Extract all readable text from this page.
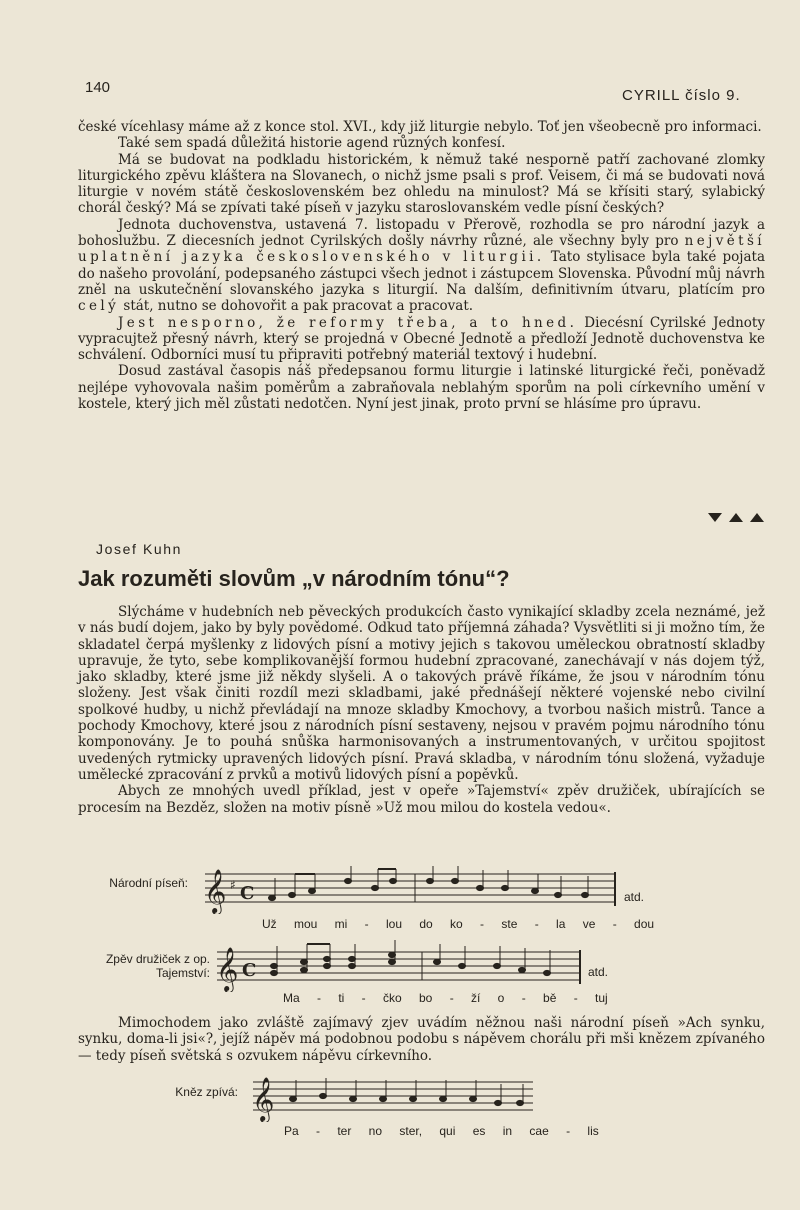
140	CYRILL číslo 9.

české vícehlasy máme až z konce stol. XVI., kdy již liturgie nebylo. Toť jen všeobecně pro informaci.

Také sem spadá důležitá historie agend různých konfesí.

Má se budovat na podkladu historickém, k němuž také nesporně patří zachované zlomky liturgického zpěvu kláštera na Slovanech, o nichž jsme psali s prof. Veisem, či má se budovati nová liturgie v novém státě československém bez ohledu na minulost? Má se křísiti starý, sylabický chorál český? Má se zpívati také píseň v jazyku staroslovanském vedle písní českých?

Jednota duchovenstva, ustavená 7. listopadu v Přerově, rozhodla se pro národní jazyk a bohoslužbu. Z diecesních jednot Cyrilských došly návrhy různé, ale všechny byly pro největší uplatnění jazyka československého v liturgii. Tato stylisace byla také pojata do našeho provolání, podepsaného zástupci všech jednot i zástupcem Slovenska. Původní můj návrh zněl na uskutečnění slovanského jazyka s liturgií. Na dalším, definitivním útvaru, platícím pro celý stát, nutno se dohovořit a pak pracovat a pracovat.

Jest nesporno, že reformy třeba, a to hned. Diecésní Cyrilské Jednoty vypracujtež přesný návrh, který se projedná v Obecné Jednotě a předloží Jednotě duchovenstva ke schválení. Odborníci musí tu připraviti potřebný materiál textový i hudební.

Dosud zastával časopis náš předepsanou formu liturgie i latinské liturgické řeči, poněvadž nejlépe vyhovovala našim poměrům a zabraňovala neblahým sporům na poli církevního umění v kostele, který jich měl zůstati nedotčen. Nyní jest jinak, proto první se hlásíme pro úpravu.

Josef Kuhn
Jak rozuměti slovům „v národním tónu“?

Slýcháme v hudebních neb pěveckých produkcích často vynikající skladby zcela neznámé, jež v nás budí dojem, jako by byly povědomé. Odkud tato příjemná záhada? Vysvětliti si ji možno tím, že skladatel čerpá myšlenky z lidových písní a motivy jejich s takovou uměleckou obratností skladby upravuje, že tyto, sebe komplikovanější formou hudební zpracované, zanechávají v nás dojem týž, jako skladby, které jsme již někdy slyšeli. A o takových právě říkáme, že jsou v národním tónu složeny. Jest však činiti rozdíl mezi skladbami, jaké přednášejí některé vojenské nebo civilní spolkové hudby, u nichž převládají na mnoze skladby Kmochovy, a tvorbou našich mistrů. Tance a pochody Kmochovy, které jsou z národních písní sestaveny, nejsou v pravém pojmu národního tónu komponovány. Je to pouhá snůška harmonisovaných a instrumentovaných, v určitou spojitost uvedených rytmicky upravených lidových písní. Pravá skladba, v národním tónu složená, vyžaduje umělecké zpracování z prvků a motivů lidových písní a popěvků.

Abych ze mnohých uvedl příklad, jest v opeře »Tajemství« zpěv družiček, ubírajících se procesím na Bezděz, složen na motiv písně »Už mou milou do kostela vedou«.

Národní píseň: 𝄞 ♯ C	atd.
Už mou mi - lou do ko - ste - la ve - dou
Zpěv družiček z op. Tajemství: 𝄞 C	atd.
Ma - ti - čko bo - ží o - bě - tuj

Mimochodem jako zvláště zajímavý zjev uvádím něžnou naši národní píseň »Ach synku, synku, doma-li jsi«?, jejíž nápěv má podobnou podobu s nápěvem chorálu při mši knězem zpívaného — tedy píseň světská s ozvukem nápěvu církevního.

Kněz zpívá: 𝄞
Pa - ter no ster, qui es in cae - lis
